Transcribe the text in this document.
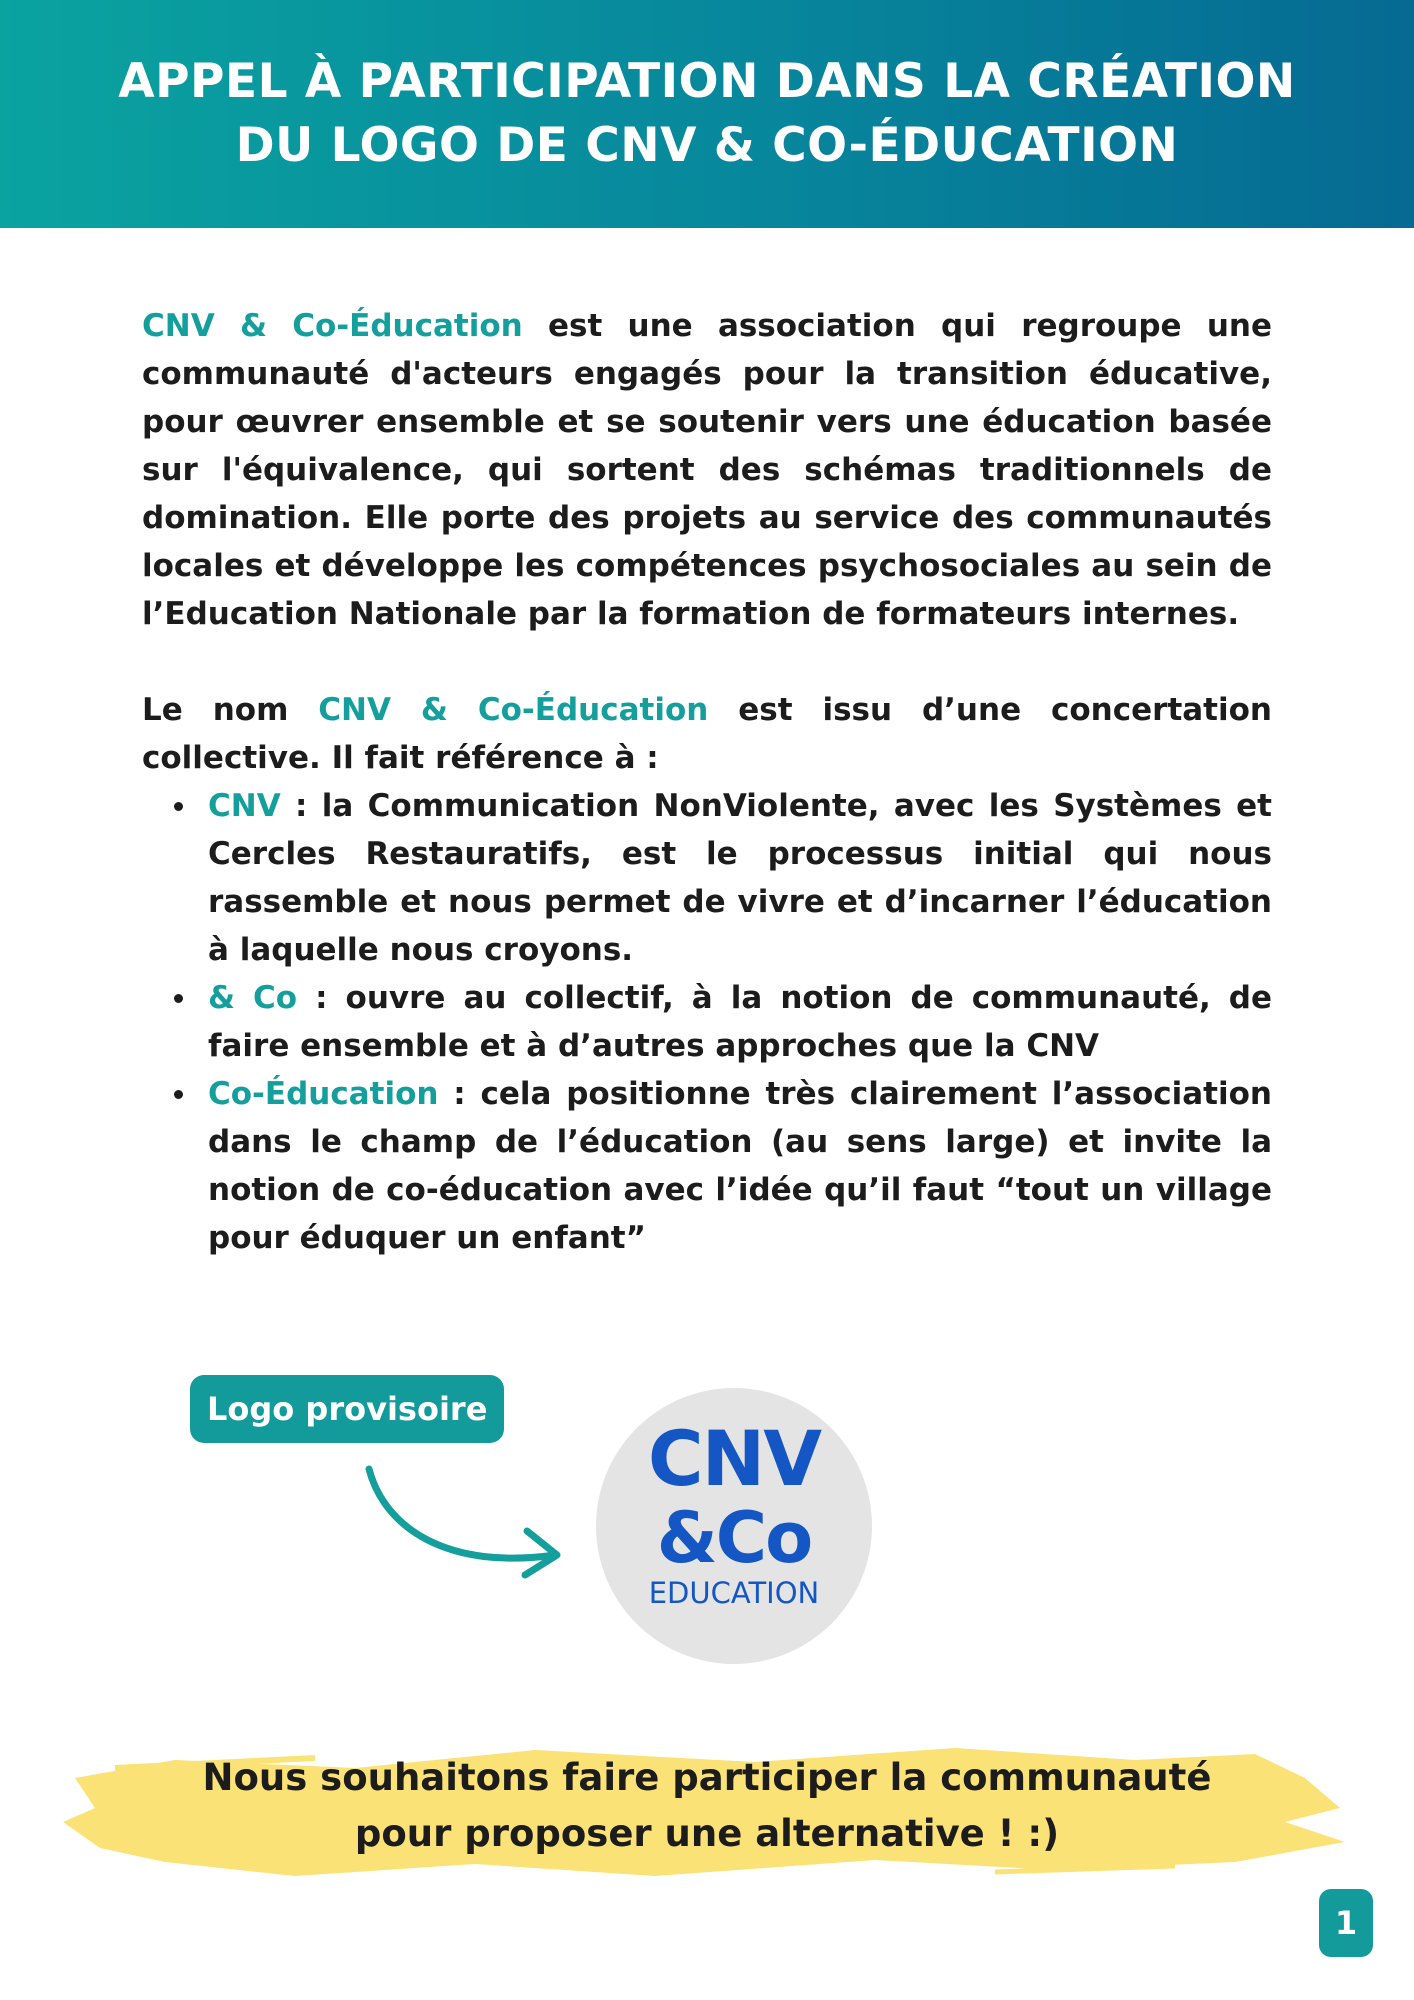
APPEL À PARTICIPATION DANS LA CRÉATION
DU LOGO DE CNV & CO-ÉDUCATION

CNV & Co-Éducation est une association qui regroupe une communauté d'acteurs engagés pour la transition éducative, pour œuvrer ensemble et se soutenir vers une éducation basée sur l'équivalence, qui sortent des schémas traditionnels de domination. Elle porte des projets au service des communautés locales et développe les compétences psychosociales au sein de l’Education Nationale par la formation de formateurs internes.

Le nom CNV & Co-Éducation est issu d’une concertation collective. Il fait référence à :

CNV : la Communication NonViolente, avec les Systèmes et Cercles Restauratifs, est le processus initial qui nous rassemble et nous permet de vivre et d’incarner l’éducation à laquelle nous croyons.
& Co : ouvre au collectif, à la notion de communauté, de faire ensemble et à d’autres approches que la CNV
Co-Éducation : cela positionne très clairement l’association dans le champ de l’éducation (au sens large) et invite la notion de co-éducation avec l’idée qu’il faut “tout un village pour éduquer un enfant”
Logo provisoire
CNV
&Co
EDUCATION
Nous souhaitons faire participer la communauté
pour proposer une alternative ! :)
1
